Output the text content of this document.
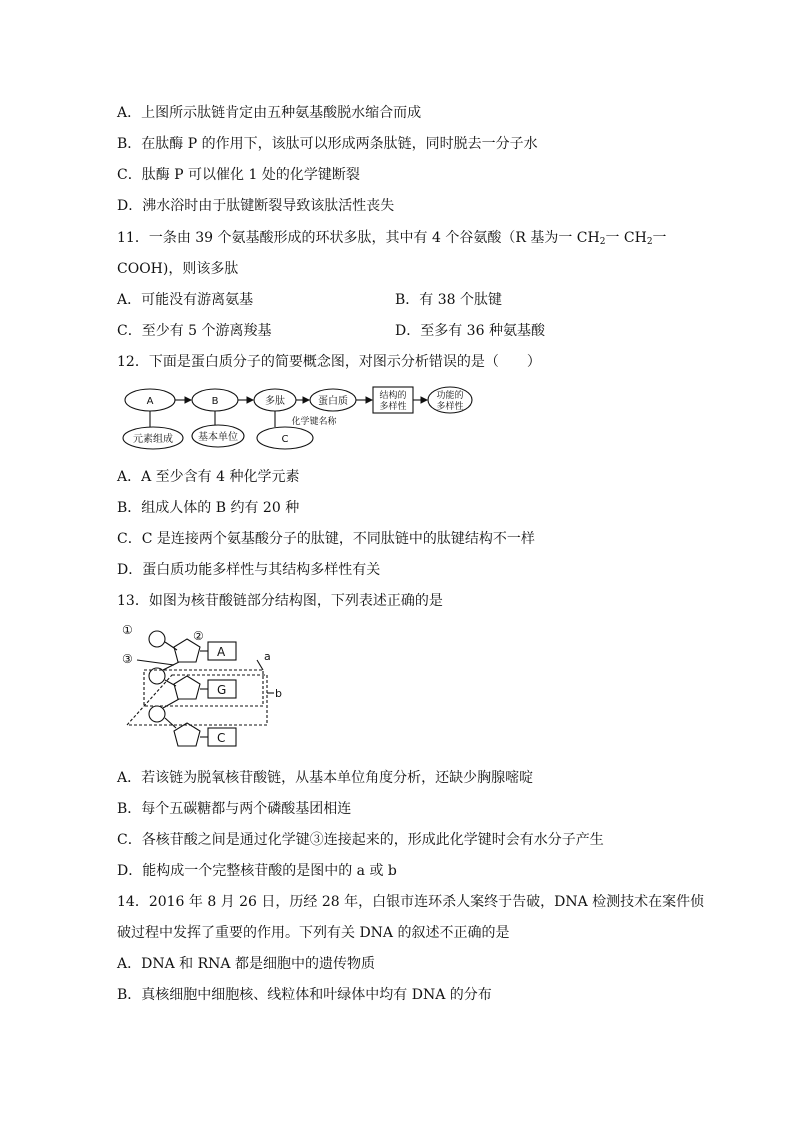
A．上图所示肽链肯定由五种氨基酸脱水缩合而成
B．在肽酶 P 的作用下，该肽可以形成两条肽链，同时脱去一分子水
C．肽酶 P 可以催化 1 处的化学键断裂
D．沸水浴时由于肽键断裂导致该肽活性丧失
11．一条由 39 个氨基酸形成的环状多肽，其中有 4 个谷氨酸（R 基为一 $CH_2$一 $CH_2$一
COOH)，则该多肽
A．可能没有游离氨基	B．有 38 个肽键
C．至少有 5 个游离羧基	D．至多有 36 种氨基酸
12．下面是蛋白质分子的简要概念图，对图示分析错误的是（　　）
A	B	多肽	蛋白质	结构的
多样性
功能的
多样性
元素组成	基本单位
化学键名称
C
A．A 至少含有 4 种化学元素
B．组成人体的 B 约有 20 种
C．C 是连接两个氨基酸分子的肽键，不同肽链中的肽键结构不一样
D．蛋白质功能多样性与其结构多样性有关
13．如图为核苷酸链部分结构图，下列表述正确的是
①	②
③	A
G
C
a
b
A．若该链为脱氧核苷酸链，从基本单位角度分析，还缺少胸腺嘧啶
B．每个五碳糖都与两个磷酸基团相连
C．各核苷酸之间是通过化学键③连接起来的，形成此化学键时会有水分子产生
D．能构成一个完整核苷酸的是图中的 a 或 b
14．2016 年 8 月 26 日，历经 28 年，白银市连环杀人案终于告破，DNA 检测技术在案件侦
破过程中发挥了重要的作用。下列有关 DNA 的叙述不正确的是
A．DNA 和 RNA 都是细胞中的遗传物质
B．真核细胞中细胞核、线粒体和叶绿体中均有 DNA 的分布
